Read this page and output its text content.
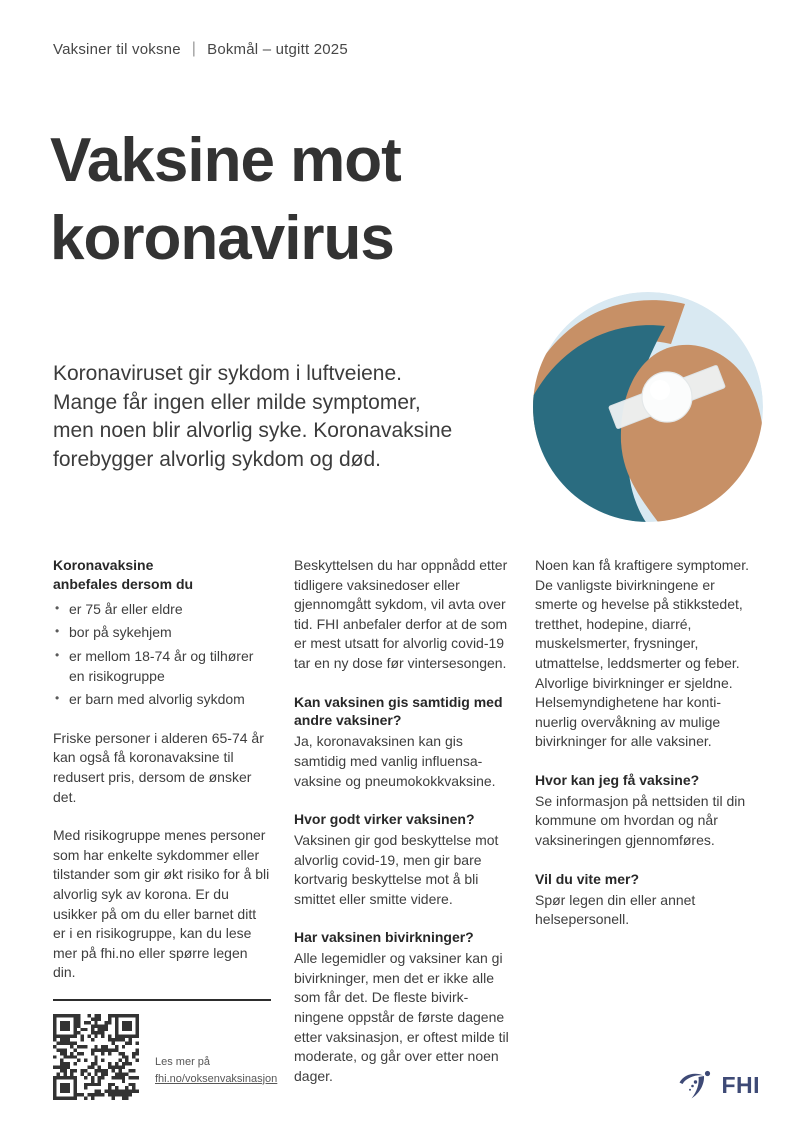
Vaksiner til voksne | Bokmål – utgitt 2025
Vaksine mot
koronavirus

Koronaviruset gir sykdom i luftveiene.
Mange får ingen eller milde symptomer,
men noen blir alvorlig syke. Koronavaksine
forebygger alvorlig sykdom og død.

Koronavaksine
anbefales dersom du
• er 75 år eller eldre
• bor på sykehjem
• er mellom 18-74 år og tilhører en risikogruppe
• er barn med alvorlig sykdom

Friske personer i alderen 65-74 år kan også få koronavaksine til redusert pris, dersom de ønsker det.

Med risikogruppe menes personer som har enkelte sykdommer eller tilstander som gir økt risiko for å bli alvorlig syk av korona. Er du usikker på om du eller barnet ditt er i en risikogruppe, kan du lese mer på fhi.no eller spørre legen din.

Les mer på
fhi.no/voksenvaksinasjon

Beskyttelsen du har oppnådd etter tidligere vaksinedoser eller gjennomgått sykdom, vil avta over tid. FHI anbefaler derfor at de som er mest utsatt for alvorlig covid-19 tar en ny dose før vintersesongen.

Kan vaksinen gis samtidig med andre vaksiner?

Ja, koronavaksinen kan gis samtidig med vanlig influensa-vaksine og pneumokokkvaksine.

Hvor godt virker vaksinen?

Vaksinen gir god beskyttelse mot alvorlig covid-19, men gir bare kortvarig beskyttelse mot å bli smittet eller smitte videre.

Har vaksinen bivirkninger?

Alle legemidler og vaksiner kan gi bivirkninger, men det er ikke alle som får det. De fleste bivirkningene oppstår de første dagene etter vaksinasjon, er oftest milde til moderate, og går over etter noen dager.

Noen kan få kraftigere symptomer. De vanligste bivirkningene er smerte og hevelse på stikkstedet, tretthet, hodepine, diarré, muskelsmerter, frysninger, utmattelse, leddsmerter og feber. Alvorlige bivirkninger er sjeldne. Helsemyndighetene har kontinuerlig overvåkning av mulige bivirkninger for alle vaksiner.

Hvor kan jeg få vaksine?

Se informasjon på nettsiden til din kommune om hvordan og når vaksineringen gjennomføres.

Vil du vite mer?

Spør legen din eller annet helsepersonell.

FHI
